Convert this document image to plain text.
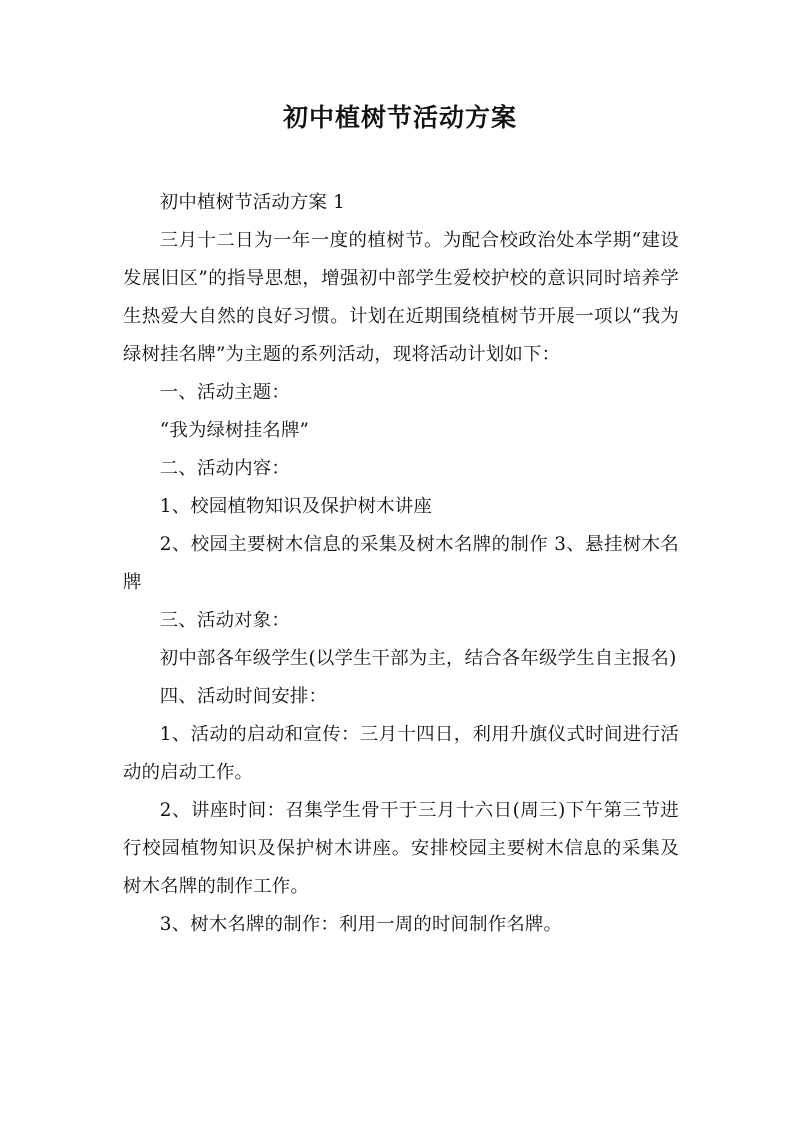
初中植树节活动方案

初中植树节活动方案 1

三月十二日为一年一度的植树节。为配合校政治处本学期“建设发展旧区”的指导思想，增强初中部学生爱校护校的意识同时培养学生热爱大自然的良好习惯。计划在近期围绕植树节开展一项以“我为绿树挂名牌”为主题的系列活动，现将活动计划如下：

一、活动主题：

“我为绿树挂名牌”

二、活动内容：

1、校园植物知识及保护树木讲座

2、校园主要树木信息的采集及树木名牌的制作 3、悬挂树木名牌

三、活动对象：

初中部各年级学生(以学生干部为主，结合各年级学生自主报名)

四、活动时间安排：

1、活动的启动和宣传：三月十四日，利用升旗仪式时间进行活动的启动工作。

2、讲座时间：召集学生骨干于三月十六日(周三)下午第三节进行校园植物知识及保护树木讲座。安排校园主要树木信息的采集及树木名牌的制作工作。

3、树木名牌的制作：利用一周的时间制作名牌。
